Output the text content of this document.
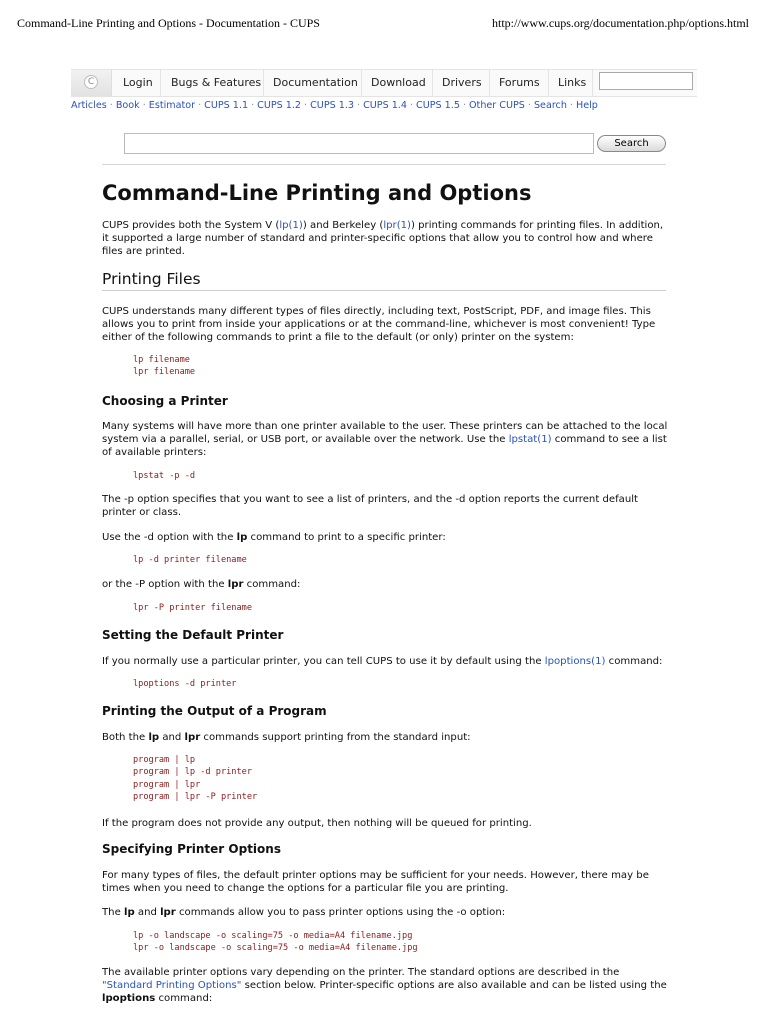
Command-Line Printing and Options - Documentation - CUPS	http://www.cups.org/documentation.php/options.html
C	Login Bugs & Features Documentation Download Drivers Forums Links
Articles · Book · Estimator · CUPS 1.1 · CUPS 1.2 · CUPS 1.3 · CUPS 1.4 · CUPS 1.5 · Other CUPS · Search · Help
Search
Command-Line Printing and Options

CUPS provides both the System V (lp(1)) and Berkeley (lpr(1)) printing commands for printing files. In addition, it supported a large number of standard and printer-specific options that allow you to control how and where files are printed.

Printing Files

CUPS understands many different types of files directly, including text, PostScript, PDF, and image files. This allows you to print from inside your applications or at the command-line, whichever is most convenient! Type either of the following commands to print a file to the default (or only) printer on the system:

lp filename
lpr filename
Choosing a Printer

Many systems will have more than one printer available to the user. These printers can be attached to the local system via a parallel, serial, or USB port, or available over the network. Use the lpstat(1) command to see a list of available printers:

lpstat -p -d

The -p option specifies that you want to see a list of printers, and the -d option reports the current default printer or class.

Use the -d option with the lp command to print to a specific printer:

lp -d printer filename

or the -P option with the lpr command:

lpr -P printer filename
Setting the Default Printer

If you normally use a particular printer, you can tell CUPS to use it by default using the lpoptions(1) command:

lpoptions -d printer
Printing the Output of a Program

Both the lp and lpr commands support printing from the standard input:

program | lp
program | lp -d printer
program | lpr
program | lpr -P printer

If the program does not provide any output, then nothing will be queued for printing.

Specifying Printer Options

For many types of files, the default printer options may be sufficient for your needs. However, there may be times when you need to change the options for a particular file you are printing.

The lp and lpr commands allow you to pass printer options using the -o option:

lp -o landscape -o scaling=75 -o media=A4 filename.jpg
lpr -o landscape -o scaling=75 -o media=A4 filename.jpg

The available printer options vary depending on the printer. The standard options are described in the "Standard Printing Options" section below. Printer-specific options are also available and can be listed using the lpoptions command:
